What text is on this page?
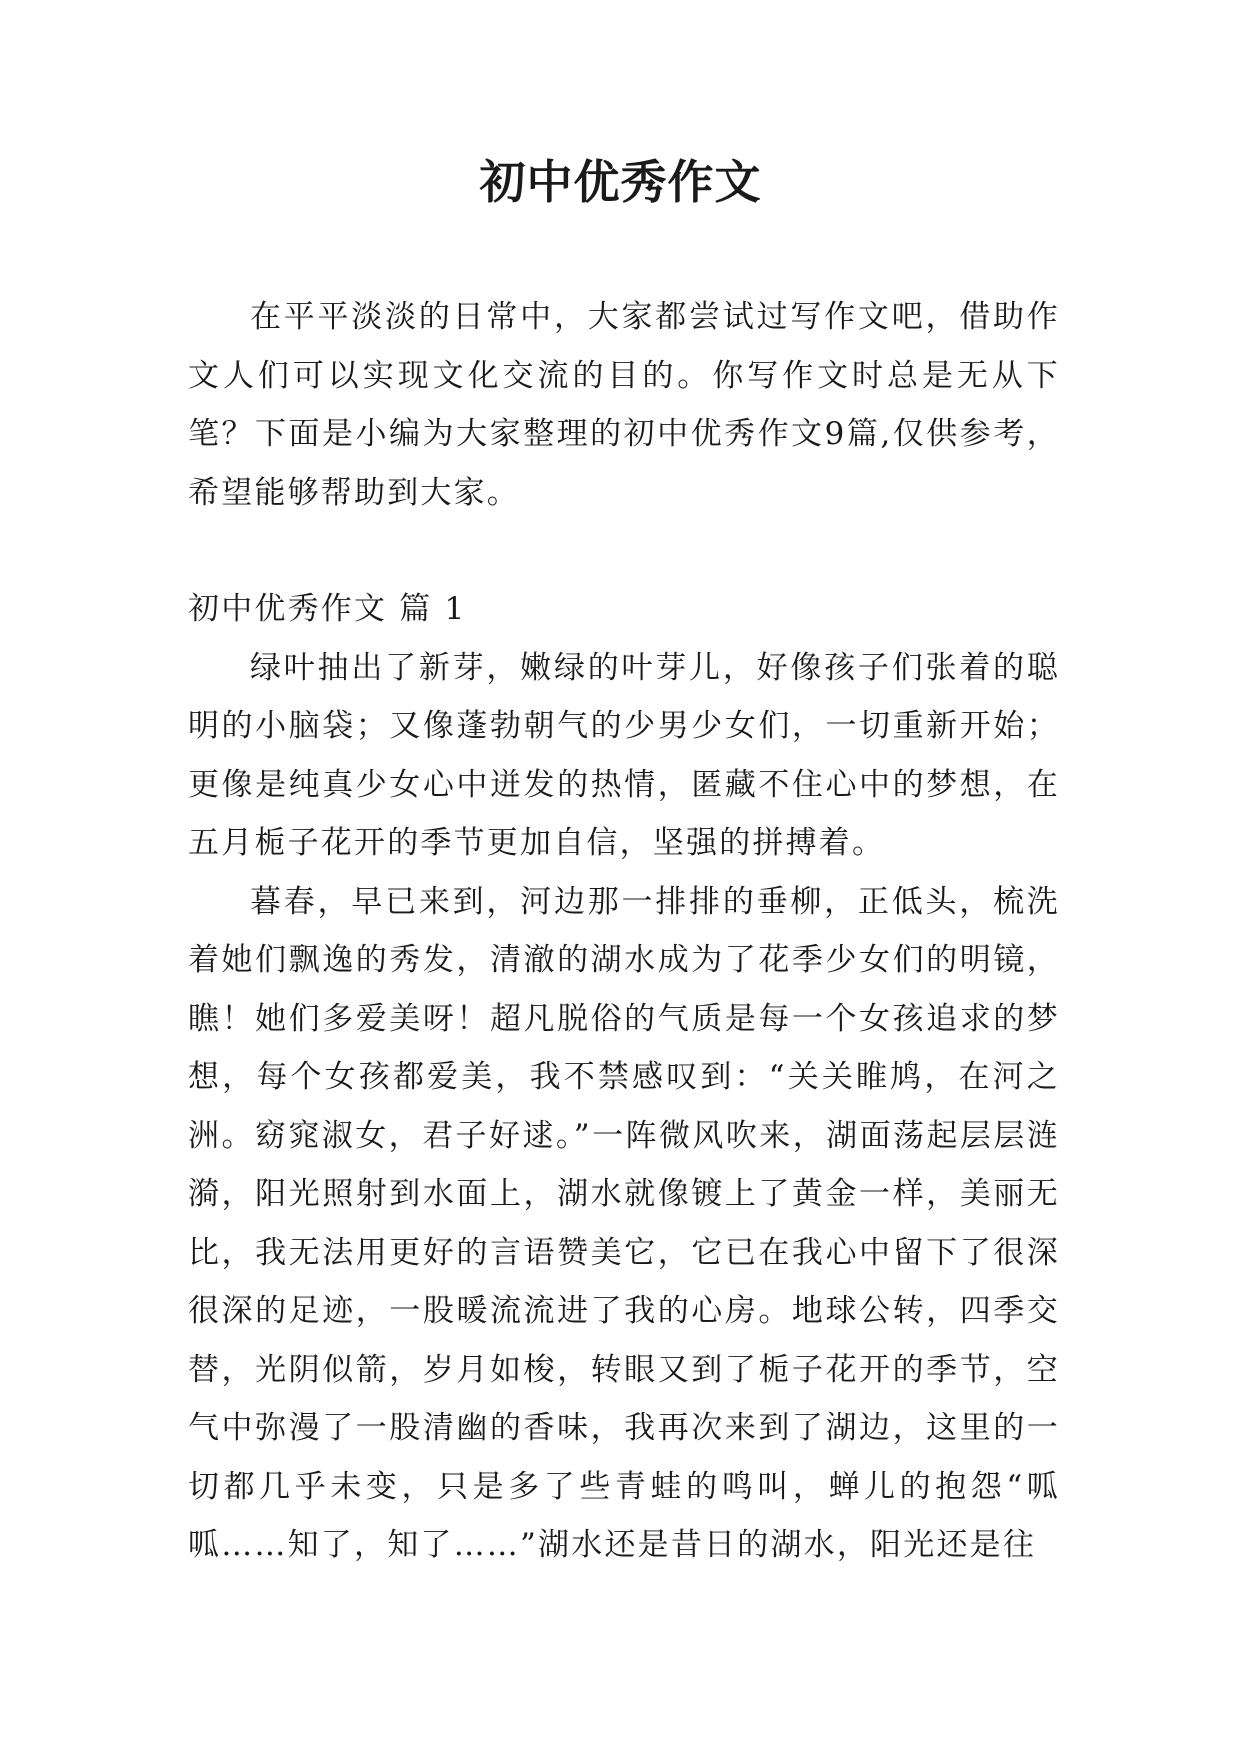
初中优秀作文

在平平淡淡的日常中，大家都尝试过写作文吧，借助作文人们可以实现文化交流的目的。你写作文时总是无从下笔？下面是小编为大家整理的初中优秀作文9篇,仅供参考，希望能够帮助到大家。

初中优秀作文 篇 1

绿叶抽出了新芽，嫩绿的叶芽儿，好像孩子们张着的聪明的小脑袋；又像蓬勃朝气的少男少女们，一切重新开始；更像是纯真少女心中迸发的热情，匿藏不住心中的梦想，在五月栀子花开的季节更加自信，坚强的拼搏着。

暮春，早已来到，河边那一排排的垂柳，正低头，梳洗着她们飘逸的秀发，清澈的湖水成为了花季少女们的明镜，瞧！她们多爱美呀！超凡脱俗的气质是每一个女孩追求的梦想，每个女孩都爱美，我不禁感叹到：“关关睢鸠，在河之洲。窈窕淑女，君子好逑。”一阵微风吹来，湖面荡起层层涟漪，阳光照射到水面上，湖水就像镀上了黄金一样，美丽无比，我无法用更好的言语赞美它，它已在我心中留下了很深很深的足迹，一股暖流流进了我的心房。地球公转，四季交替，光阴似箭，岁月如梭，转眼又到了栀子花开的季节，空气中弥漫了一股清幽的香味，我再次来到了湖边，这里的一切都几乎未变，只是多了些青蛙的鸣叫，蝉儿的抱怨“呱呱……知了，知了……”湖水还是昔日的湖水，阳光还是往
